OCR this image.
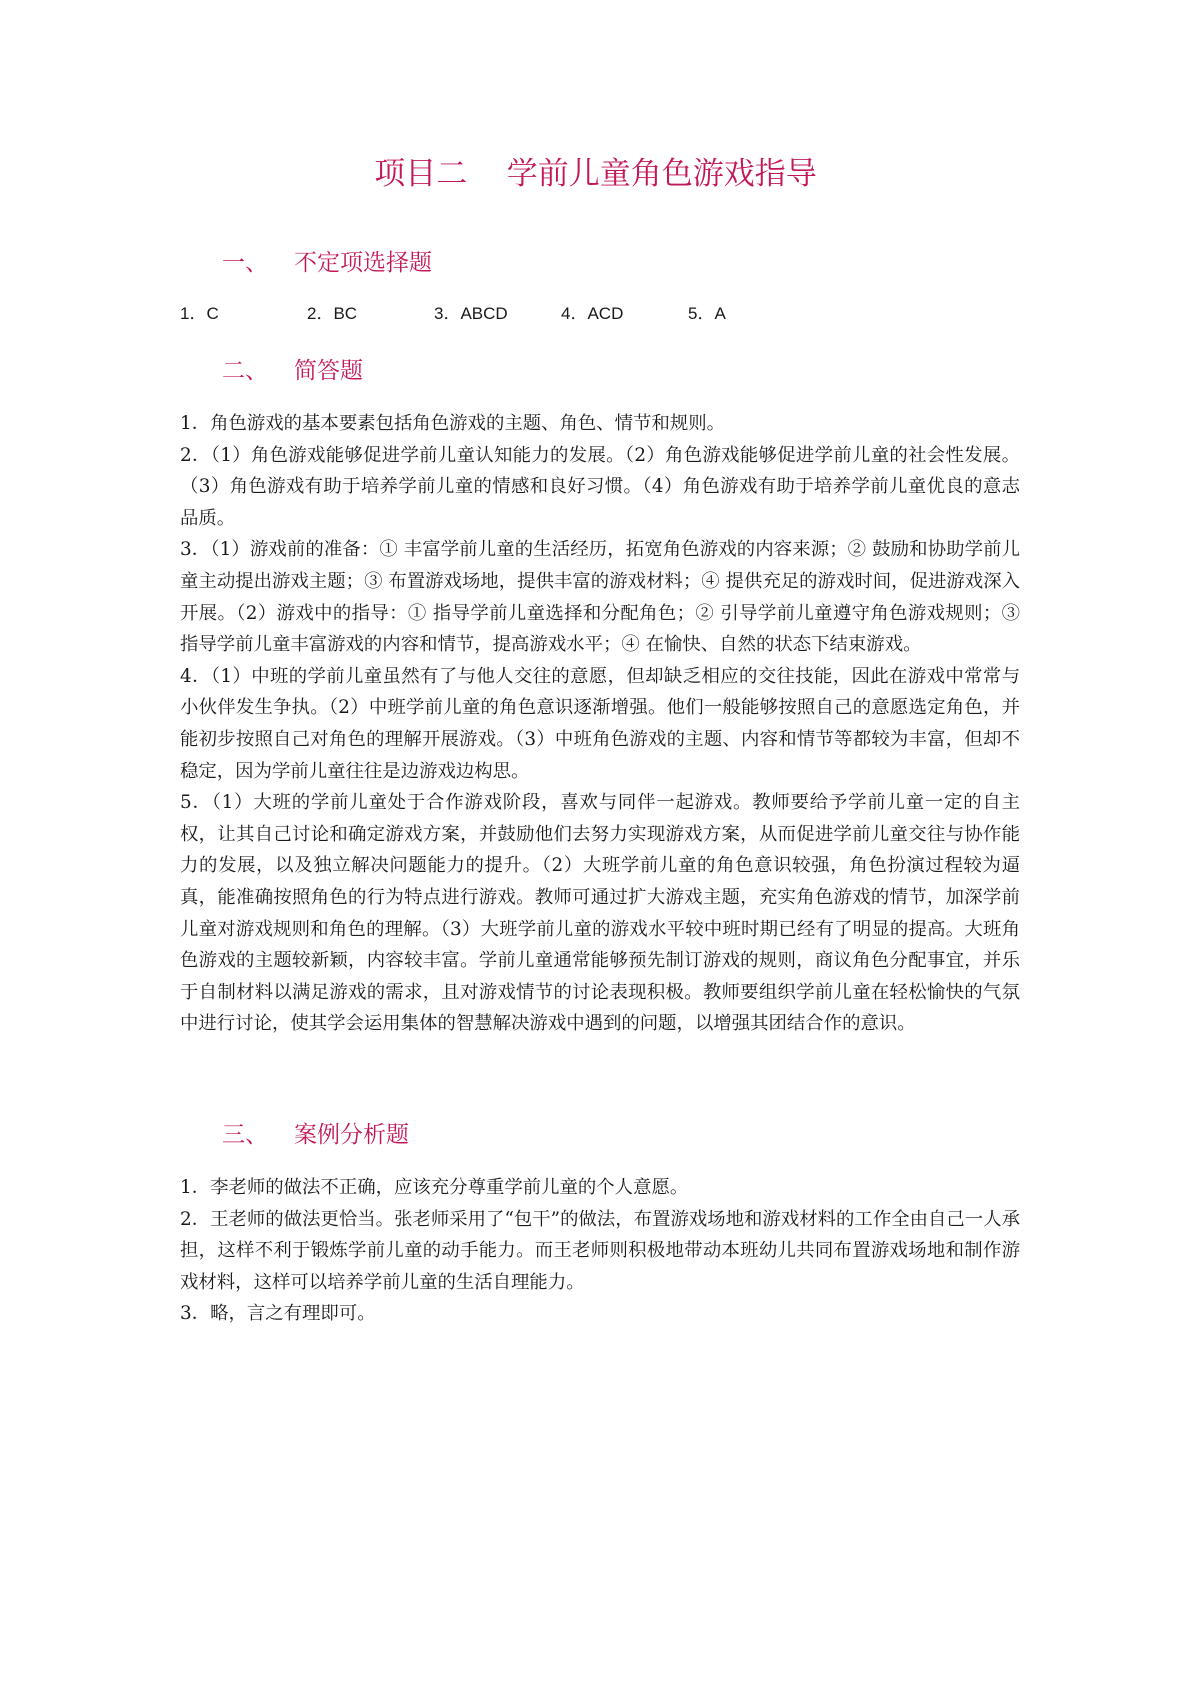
项目二    学前儿童角色游戏指导
一、	不定项选择题
1．C	2．BC	3．ABCD	4．ACD	5．A
二、	简答题

1．角色游戏的基本要素包括角色游戏的主题、角色、情节和规则。

2．（1）角色游戏能够促进学前儿童认知能力的发展。（2）角色游戏能够促进学前儿童的社会性发展。（3）角色游戏有助于培养学前儿童的情感和良好习惯。（4）角色游戏有助于培养学前儿童优良的意志品质。

3．（1）游戏前的准备：① 丰富学前儿童的生活经历，拓宽角色游戏的内容来源；② 鼓励和协助学前儿童主动提出游戏主题；③ 布置游戏场地，提供丰富的游戏材料；④ 提供充足的游戏时间，促进游戏深入开展。（2）游戏中的指导：① 指导学前儿童选择和分配角色；② 引导学前儿童遵守角色游戏规则；③ 指导学前儿童丰富游戏的内容和情节，提高游戏水平；④ 在愉快、自然的状态下结束游戏。

4．（1）中班的学前儿童虽然有了与他人交往的意愿，但却缺乏相应的交往技能，因此在游戏中常常与小伙伴发生争执。（2）中班学前儿童的角色意识逐渐增强。他们一般能够按照自己的意愿选定角色，并能初步按照自己对角色的理解开展游戏。（3）中班角色游戏的主题、内容和情节等都较为丰富，但却不稳定，因为学前儿童往往是边游戏边构思。

5．（1）大班的学前儿童处于合作游戏阶段，喜欢与同伴一起游戏。教师要给予学前儿童一定的自主权，让其自己讨论和确定游戏方案，并鼓励他们去努力实现游戏方案，从而促进学前儿童交往与协作能力的发展，以及独立解决问题能力的提升。（2）大班学前儿童的角色意识较强，角色扮演过程较为逼真，能准确按照角色的行为特点进行游戏。教师可通过扩大游戏主题，充实角色游戏的情节，加深学前儿童对游戏规则和角色的理解。（3）大班学前儿童的游戏水平较中班时期已经有了明显的提高。大班角色游戏的主题较新颖，内容较丰富。学前儿童通常能够预先制订游戏的规则，商议角色分配事宜，并乐于自制材料以满足游戏的需求，且对游戏情节的讨论表现积极。教师要组织学前儿童在轻松愉快的气氛中进行讨论，使其学会运用集体的智慧解决游戏中遇到的问题，以增强其团结合作的意识。

三、	案例分析题

1．李老师的做法不正确，应该充分尊重学前儿童的个人意愿。

2．王老师的做法更恰当。张老师采用了“包干”的做法，布置游戏场地和游戏材料的工作全由自己一人承担，这样不利于锻炼学前儿童的动手能力。而王老师则积极地带动本班幼儿共同布置游戏场地和制作游戏材料，这样可以培养学前儿童的生活自理能力。

3．略，言之有理即可。
